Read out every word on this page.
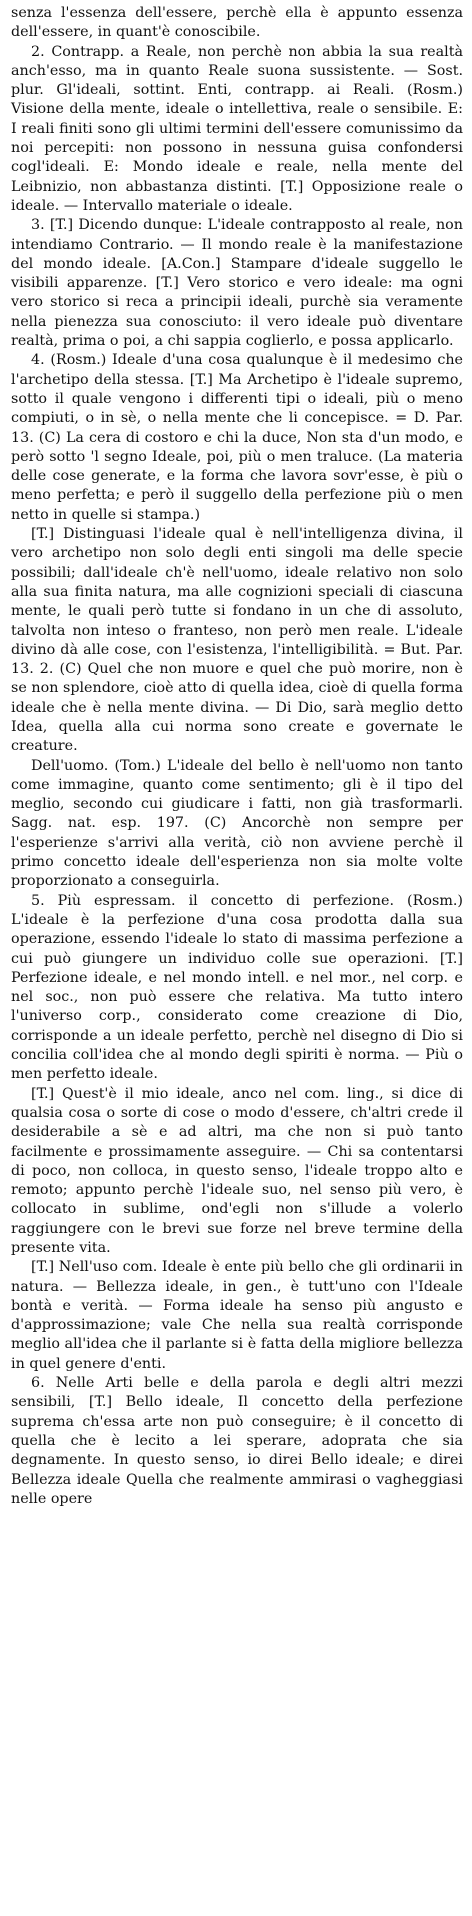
senza l'essenza dell'essere, perchè ella è appunto essenza dell'essere, in quant'è conoscibile.

2. Contrapp. a Reale, non perchè non abbia la sua realtà anch'esso, ma in quanto Reale suona sussistente. — Sost. plur. Gl'ideali, sottint. Enti, contrapp. ai Reali. (Rosm.) Visione della mente, ideale o intellettiva, reale o sensibile. E: I reali finiti sono gli ultimi termini dell'essere comunissimo da noi percepiti: non possono in nessuna guisa confondersi cogl'ideali. E: Mondo ideale e reale, nella mente del Leibnizio, non abbastanza distinti. [T.] Opposizione reale o ideale. — Intervallo materiale o ideale.

3. [T.] Dicendo dunque: L'ideale contrapposto al reale, non intendiamo Contrario. — Il mondo reale è la manifestazione del mondo ideale. [A.Con.] Stampare d'ideale suggello le visibili apparenze. [T.] Vero storico e vero ideale: ma ogni vero storico si reca a principii ideali, purchè sia veramente nella pienezza sua conosciuto: il vero ideale può diventare realtà, prima o poi, a chi sappia coglierlo, e possa applicarlo.

4. (Rosm.) Ideale d'una cosa qualunque è il medesimo che l'archetipo della stessa. [T.] Ma Archetipo è l'ideale supremo, sotto il quale vengono i differenti tipi o ideali, più o meno compiuti, o in sè, o nella mente che li concepisce. = D. Par. 13. (C) La cera di costoro e chi la duce, Non sta d'un modo, e però sotto 'l segno Ideale, poi, più o men traluce. (La materia delle cose generate, e la forma che lavora sovr'esse, è più o meno perfetta; e però il suggello della perfezione più o men netto in quelle si stampa.)

[T.] Distinguasi l'ideale qual è nell'intelligenza divina, il vero archetipo non solo degli enti singoli ma delle specie possibili; dall'ideale ch'è nell'uomo, ideale relativo non solo alla sua finita natura, ma alle cognizioni speciali di ciascuna mente, le quali però tutte si fondano in un che di assoluto, talvolta non inteso o franteso, non però men reale. L'ideale divino dà alle cose, con l'esistenza, l'intelligibilità. = But. Par. 13. 2. (C) Quel che non muore e quel che può morire, non è se non splendore, cioè atto di quella idea, cioè di quella forma ideale che è nella mente divina. — Di Dio, sarà meglio detto Idea, quella alla cui norma sono create e governate le creature.

Dell'uomo. (Tom.) L'ideale del bello è nell'uomo non tanto come immagine, quanto come sentimento; gli è il tipo del meglio, secondo cui giudicare i fatti, non già trasformarli. Sagg. nat. esp. 197. (C) Ancorchè non sempre per l'esperienze s'arrivi alla verità, ciò non avviene perchè il primo concetto ideale dell'esperienza non sia molte volte proporzionato a conseguirla.

5. Più espressam. il concetto di perfezione. (Rosm.) L'ideale è la perfezione d'una cosa prodotta dalla sua operazione, essendo l'ideale lo stato di massima perfezione a cui può giungere un individuo colle sue operazioni. [T.] Perfezione ideale, e nel mondo intell. e nel mor., nel corp. e nel soc., non può essere che relativa. Ma tutto intero l'universo corp., considerato come creazione di Dio, corrisponde a un ideale perfetto, perchè nel disegno di Dio si concilia coll'idea che al mondo degli spiriti è norma. — Più o men perfetto ideale.

[T.] Quest'è il mio ideale, anco nel com. ling., si dice di qualsia cosa o sorte di cose o modo d'essere, ch'altri crede il desiderabile a sè e ad altri, ma che non si può tanto facilmente e prossimamente asseguire. — Chi sa contentarsi di poco, non colloca, in questo senso, l'ideale troppo alto e remoto; appunto perchè l'ideale suo, nel senso più vero, è collocato in sublime, ond'egli non s'illude a volerlo raggiungere con le brevi sue forze nel breve termine della presente vita.

[T.] Nell'uso com. Ideale è ente più bello che gli ordinarii in natura. — Bellezza ideale, in gen., è tutt'uno con l'Ideale bontà e verità. — Forma ideale ha senso più angusto e d'approssimazione; vale Che nella sua realtà corrisponde meglio all'idea che il parlante si è fatta della migliore bellezza in quel genere d'enti.

6. Nelle Arti belle e della parola e degli altri mezzi sensibili, [T.] Bello ideale, Il concetto della perfezione suprema ch'essa arte non può conseguire; è il concetto di quella che è lecito a lei sperare, adoprata che sia degnamente. In questo senso, io direi Bello ideale; e direi Bellezza ideale Quella che realmente ammirasi o vagheggiasi nelle opere
